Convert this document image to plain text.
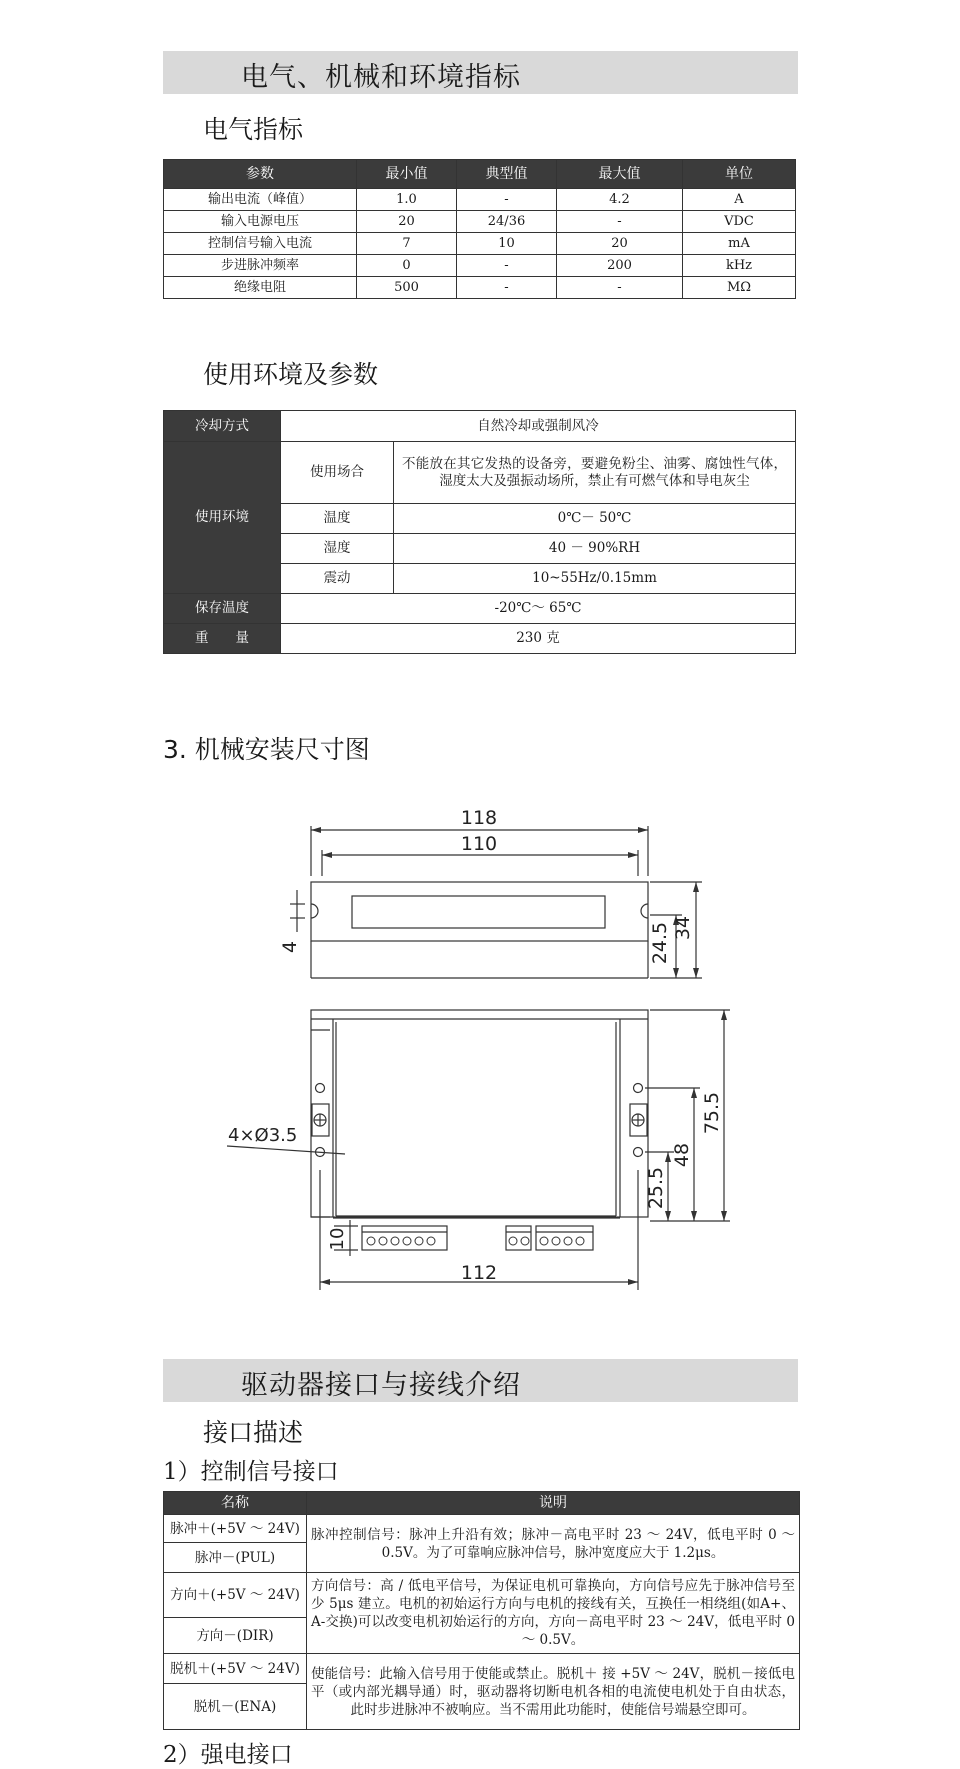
电气、机械和环境指标
电气指标
参数	最小值	典型值	最大值	单位
输出电流（峰值）	1.0	-	4.2	A
输入电源电压	20	24/36	-	VDC
控制信号输入电流	7	10	20	mA
步进脉冲频率	0	-	200	kHz
绝缘电阻	500	-	-	MΩ
使用环境及参数
冷却方式	自然冷却或强制风冷	
使用环境	使用场合	不能放在其它发热的设备旁，要避免粉尘、油雾、腐蚀性气体，湿度太大及强振动场所，禁止有可燃气体和导电灰尘
	温度	0℃－ 50℃
	湿度	40 － 90%RH
	震动	10~55Hz/0.15mm
保存温度	-20℃～ 65℃	
重　　量	230 克	
3. 机械安装尺寸图
118
110
4	24.5 34
4×Ø3.5
75.5
48
25.5
10
112
驱动器接口与接线介绍
接口描述
1）控制信号接口
名称	说明
脉冲＋(+5V ～ 24V)	脉冲控制信号：脉冲上升沿有效；脉冲－高电平时 23 ～ 24V，低电平时 0 ～ 0.5V。为了可靠响应脉冲信号，脉冲宽度应大于 1.2μs。
脉冲－(PUL)	
方向＋(+5V ～ 24V)	方向信号：高 / 低电平信号，为保证电机可靠换向，方向信号应先于脉冲信号至少 5μs 建立。电机的初始运行方向与电机的接线有关，互换任一相绕组(如A+、A-交换)可以改变电机初始运行的方向，方向－高电平时 23 ～ 24V，低电平时 0 ～ 0.5V。
方向－(DIR)	
脱机＋(+5V ～ 24V)	使能信号：此输入信号用于使能或禁止。脱机＋ 接 +5V ～ 24V，脱机－接低电平（或内部光耦导通）时，驱动器将切断电机各相的电流使电机处于自由状态，此时步进脉冲不被响应。当不需用此功能时，使能信号端悬空即可。
脱机－(ENA)	
2）强电接口
